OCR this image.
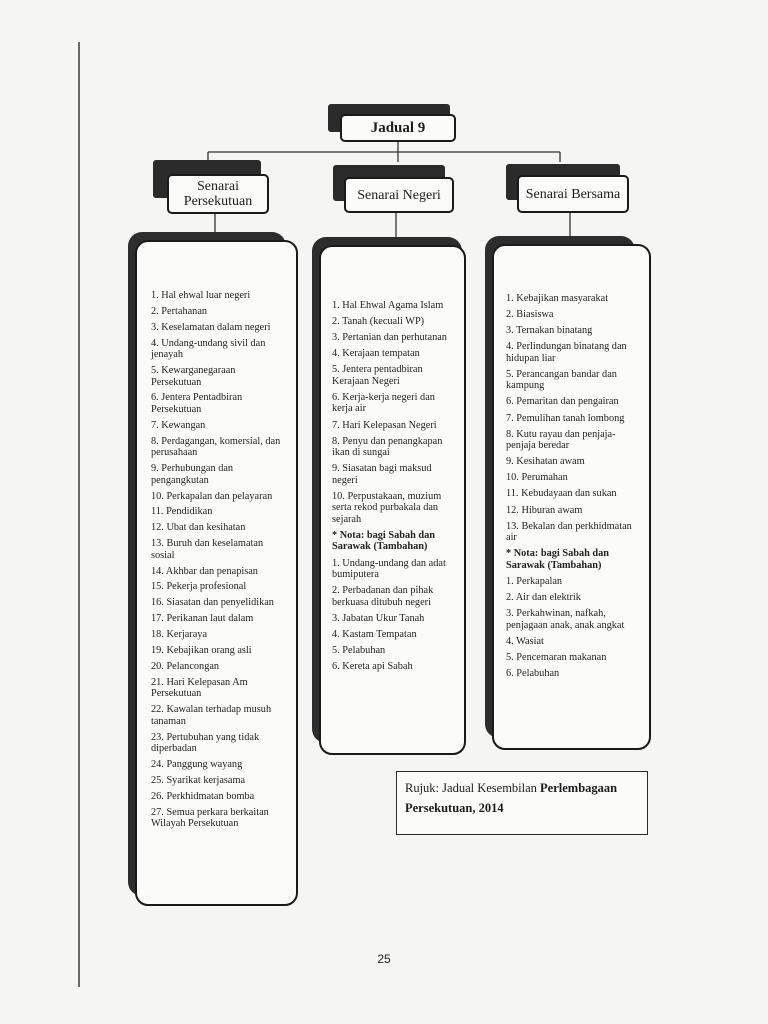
Jadual 9
Senarai
Persekutuan	Senarai Negeri	Senarai Bersama
1. Hal ehwal luar negeri
2. Pertahanan
3. Keselamatan dalam negeri
4. Undang-undang sivil dan jenayah
5. Kewarganegaraan Persekutuan
6. Jentera Pentadbiran Persekutuan
7. Kewangan
8. Perdagangan, komersial, dan perusahaan
9. Perhubungan dan pengangkutan
10. Perkapalan dan pelayaran
11. Pendidikan
12. Ubat dan kesihatan
13. Buruh dan keselamatan sosial
14. Akhbar dan penapisan
15. Pekerja profesional
16. Siasatan dan penyelidikan
17. Perikanan laut dalam
18. Kerjaraya
19. Kebajikan orang asli
20. Pelancongan
21. Hari Kelepasan Am Persekutuan
22. Kawalan terhadap musuh tanaman
23. Pertubuhan yang tidak diperbadan
24. Panggung wayang
25. Syarikat kerjasama
26. Perkhidmatan bomba
27. Semua perkara berkaitan Wilayah Persekutuan
1. Hal Ehwal Agama Islam
2. Tanah (kecuali WP)
3. Pertanian dan perhutanan
4. Kerajaan tempatan
5. Jentera pentadbiran Kerajaan Negeri
6. Kerja-kerja negeri dan kerja air
7. Hari Kelepasan Negeri
8. Penyu dan penangkapan ikan di sungai
9. Siasatan bagi maksud negeri
10. Perpustakaan, muzium serta rekod purbakala dan sejarah
* Nota: bagi Sabah dan Sarawak (Tambahan)
1. Undang-undang dan adat bumiputera
2. Perbadanan dan pihak berkuasa ditubuh negeri
3. Jabatan Ukur Tanah
4. Kastam Tempatan
5. Pelabuhan
6. Kereta api Sabah
1. Kebajikan masyarakat
2. Biasiswa
3. Ternakan binatang
4. Perlindungan binatang dan hidupan liar
5. Perancangan bandar dan kampung
6. Pemaritan dan pengairan
7. Pemulihan tanah lombong
8. Kutu rayau dan penjaja-penjaja beredar
9. Kesihatan awam
10. Perumahan
11. Kebudayaan dan sukan
12. Hiburan awam
13. Bekalan dan perkhidmatan air
* Nota: bagi Sabah dan Sarawak (Tambahan)
1. Perkapalan
2. Air dan elektrik
3. Perkahwinan, nafkah, penjagaan anak, anak angkat
4. Wasiat
5. Pencemaran makanan
6. Pelabuhan
Rujuk: Jadual Kesembilan Perlembagaan Persekutuan, 2014
25
